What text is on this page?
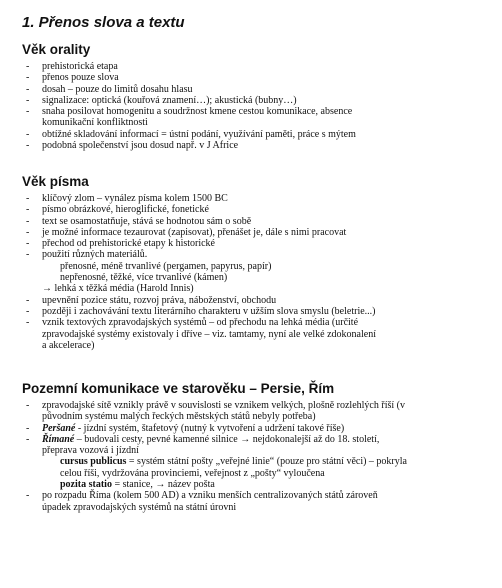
1. Přenos slova a textu
Věk orality
- prehistorická etapa
- přenos pouze slova
- dosah – pouze do limitů dosahu hlasu
- signalizace: optická (kouřová znamení…); akustická (bubny…)
- snaha posilovat homogenitu a soudržnost kmene cestou komunikace, absence
komunikační konfliktnosti
- obtížné skladování informací = ústní podání, využívání paměti, práce s mýtem
- podobná společenství jsou dosud např. v J Africe
Věk písma
- klíčový zlom – vynález písma kolem 1500 BC
- písmo obrázkové, hieroglifické, fonetické
- text se osamostatňuje, stává se hodnotou sám o sobě
- je možné informace tezaurovat (zapisovat), přenášet je, dále s nimi pracovat
- přechod od prehistorické etapy k historické
- použití různých materiálů.
přenosné, méně trvanlivé (pergamen, papyrus, papír)
nepřenosné, těžké, více trvanlivé (kámen)
→ lehká x těžká média (Harold Innis)
- upevnění pozice státu, rozvoj práva, náboženství, obchodu
- později i zachovávání textu literárního charakteru v užším slova smyslu (beletrie...)
- vznik textových zpravodajských systémů – od přechodu na lehká média (určité
zpravodajské systémy existovaly i dříve – viz. tamtamy, nyní ale velké zdokonalení
a akcelerace)
Pozemní komunikace ve starověku – Persie, Řím
- zpravodajské sítě vznikly právě v souvislosti se vznikem velkých, plošně rozlehlých říší (v
původním systému malých řeckých městských států nebyly potřeba)
- Peršané - jízdní systém, štafetový (nutný k vytvoření a udržení takové říše)
- Římané – budovali cesty, pevné kamenné silnice → nejdokonalejší až do 18. století,
přeprava vozová i jízdní
cursus publicus = systém státní pošty „veřejné linie“ (pouze pro státní věci) – pokryla
celou říši, vydržována provinciemi, veřejnost z „pošty“ vyloučena
pozita statio = stanice, → název pošta
- po rozpadu Říma (kolem 500 AD) a vzniku menších centralizovaných států zároveň
úpadek zpravodajských systémů na státní úrovni
